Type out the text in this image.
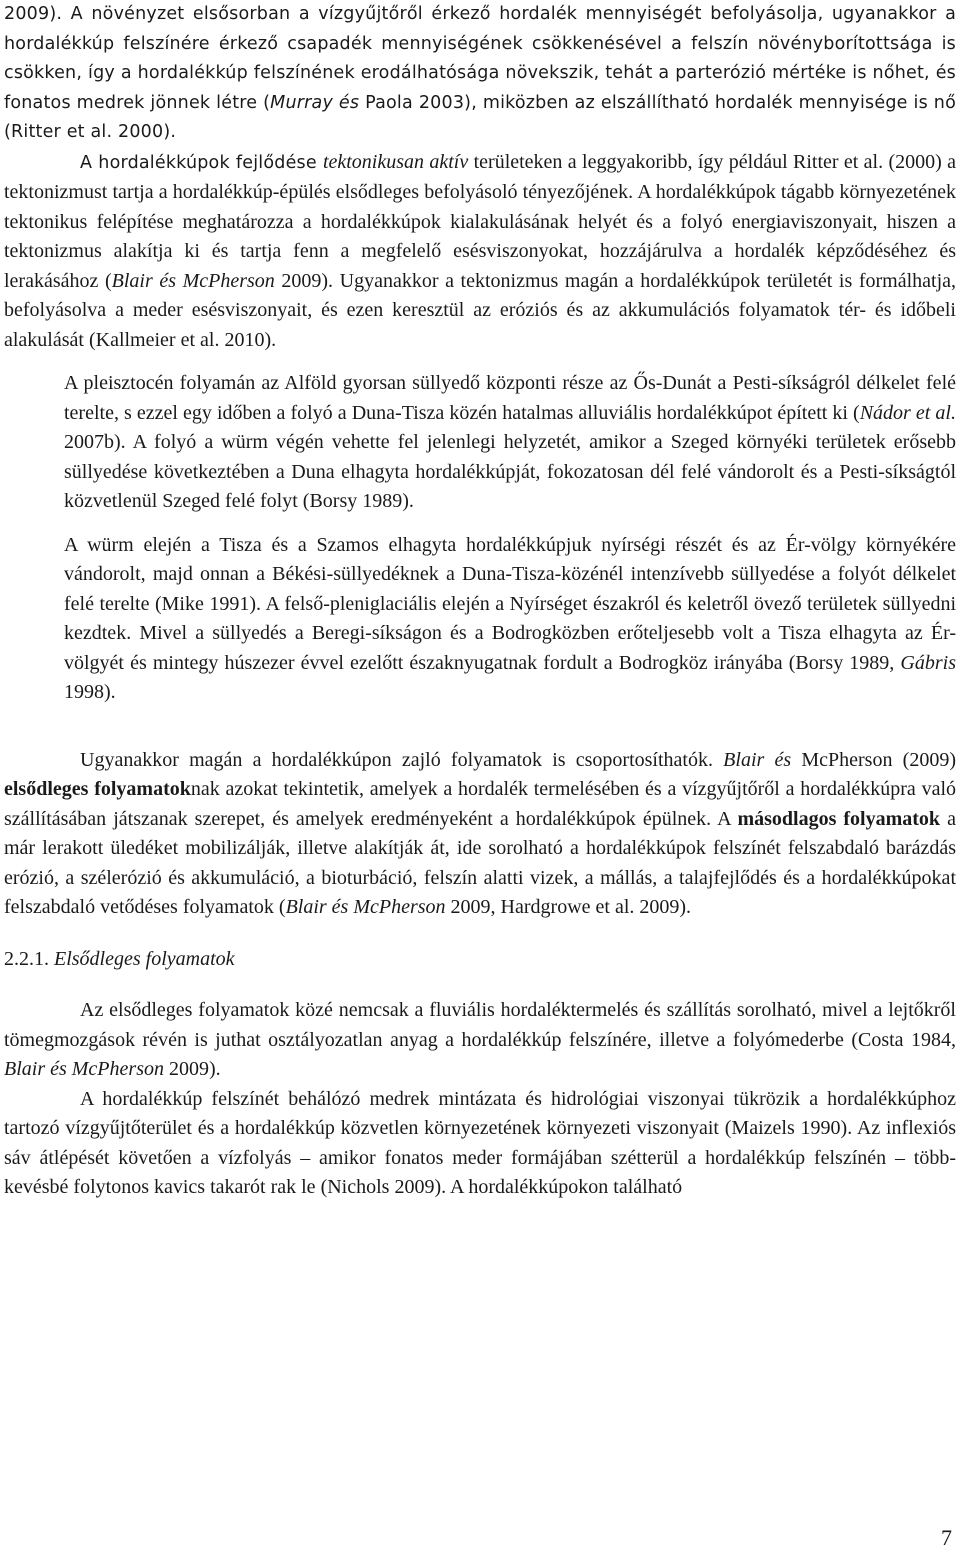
2009). A növényzet elsősorban a vízgyűjtőről érkező hordalék mennyiségét befolyásolja, ugyanakkor a hordalékkúp felszínére érkező csapadék mennyiségének csökkenésével a felszín növényborítottsága is csökken, így a hordalékkúp felszínének erodálhatósága növekszik, tehát a parterózió mértéke is nőhet, és fonatos medrek jönnek létre (Murray és Paola 2003), miközben az elszállítható hordalék mennyisége is nő (Ritter et al. 2000).

A hordalékkúpok fejlődése tektonikusan aktív területeken a leggyakoribb, így például Ritter et al. (2000) a tektonizmust tartja a hordalékkúp-épülés elsődleges befolyásoló tényezőjének. A hordalékkúpok tágabb környezetének tektonikus felépítése meghatározza a hordalékkúpok kialakulásának helyét és a folyó energiaviszonyait, hiszen a tektonizmus alakítja ki és tartja fenn a megfelelő esésviszonyokat, hozzájárulva a hordalék képződéséhez és lerakásához (Blair és McPherson 2009). Ugyanakkor a tektonizmus magán a hordalékkúpok területét is formálhatja, befolyásolva a meder esésviszonyait, és ezen keresztül az eróziós és az akkumulációs folyamatok tér- és időbeli alakulását (Kallmeier et al. 2010).

A pleisztocén folyamán az Alföld gyorsan süllyedő központi része az Ős-Dunát a Pesti-síkságról délkelet felé terelte, s ezzel egy időben a folyó a Duna-Tisza közén hatalmas alluviális hordalékkúpot épített ki (Nádor et al. 2007b). A folyó a würm végén vehette fel jelenlegi helyzetét, amikor a Szeged környéki területek erősebb süllyedése következtében a Duna elhagyta hordalékkúpját, fokozatosan dél felé vándorolt és a Pesti-síkságtól közvetlenül Szeged felé folyt (Borsy 1989).

A würm elején a Tisza és a Szamos elhagyta hordalékkúpjuk nyírségi részét és az Ér-völgy környékére vándorolt, majd onnan a Békési-süllyedéknek a Duna-Tisza-közénél intenzívebb süllyedése a folyót délkelet felé terelte (Mike 1991). A felső-pleniglaciális elején a Nyírséget északról és keletről övező területek süllyedni kezdtek. Mivel a süllyedés a Beregi-síkságon és a Bodrogközben erőteljesebb volt a Tisza elhagyta az Ér-völgyét és mintegy húszezer évvel ezelőtt északnyugatnak fordult a Bodrogköz irányába (Borsy 1989, Gábris 1998).

Ugyanakkor magán a hordalékkúpon zajló folyamatok is csoportosíthatók. Blair és McPherson (2009) elsődleges folyamatoknak azokat tekintetik, amelyek a hordalék termelésében és a vízgyűjtőről a hordalékkúpra való szállításában játszanak szerepet, és amelyek eredményeként a hordalékkúpok épülnek. A másodlagos folyamatok a már lerakott üledéket mobilizálják, illetve alakítják át, ide sorolható a hordalékkúpok felszínét felszabdaló barázdás erózió, a szélerózió és akkumuláció, a bioturbáció, felszín alatti vizek, a mállás, a talajfejlődés és a hordalékkúpokat felszabdaló vetődéses folyamatok (Blair és McPherson 2009, Hardgrowe et al. 2009).

2.2.1. Elsődleges folyamatok

Az elsődleges folyamatok közé nemcsak a fluviális hordaléktermelés és szállítás sorolható, mivel a lejtőkről tömegmozgások révén is juthat osztályozatlan anyag a hordalékkúp felszínére, illetve a folyómederbe (Costa 1984, Blair és McPherson 2009).

A hordalékkúp felszínét behálózó medrek mintázata és hidrológiai viszonyai tükrözik a hordalékkúphoz tartozó vízgyűjtőterület és a hordalékkúp közvetlen környezetének környezeti viszonyait (Maizels 1990). Az inflexiós sáv átlépését követően a vízfolyás – amikor fonatos meder formájában szétterül a hordalékkúp felszínén – több-kevésbé folytonos kavics takarót rak le (Nichols 2009). A hordalékkúpokon található

7
